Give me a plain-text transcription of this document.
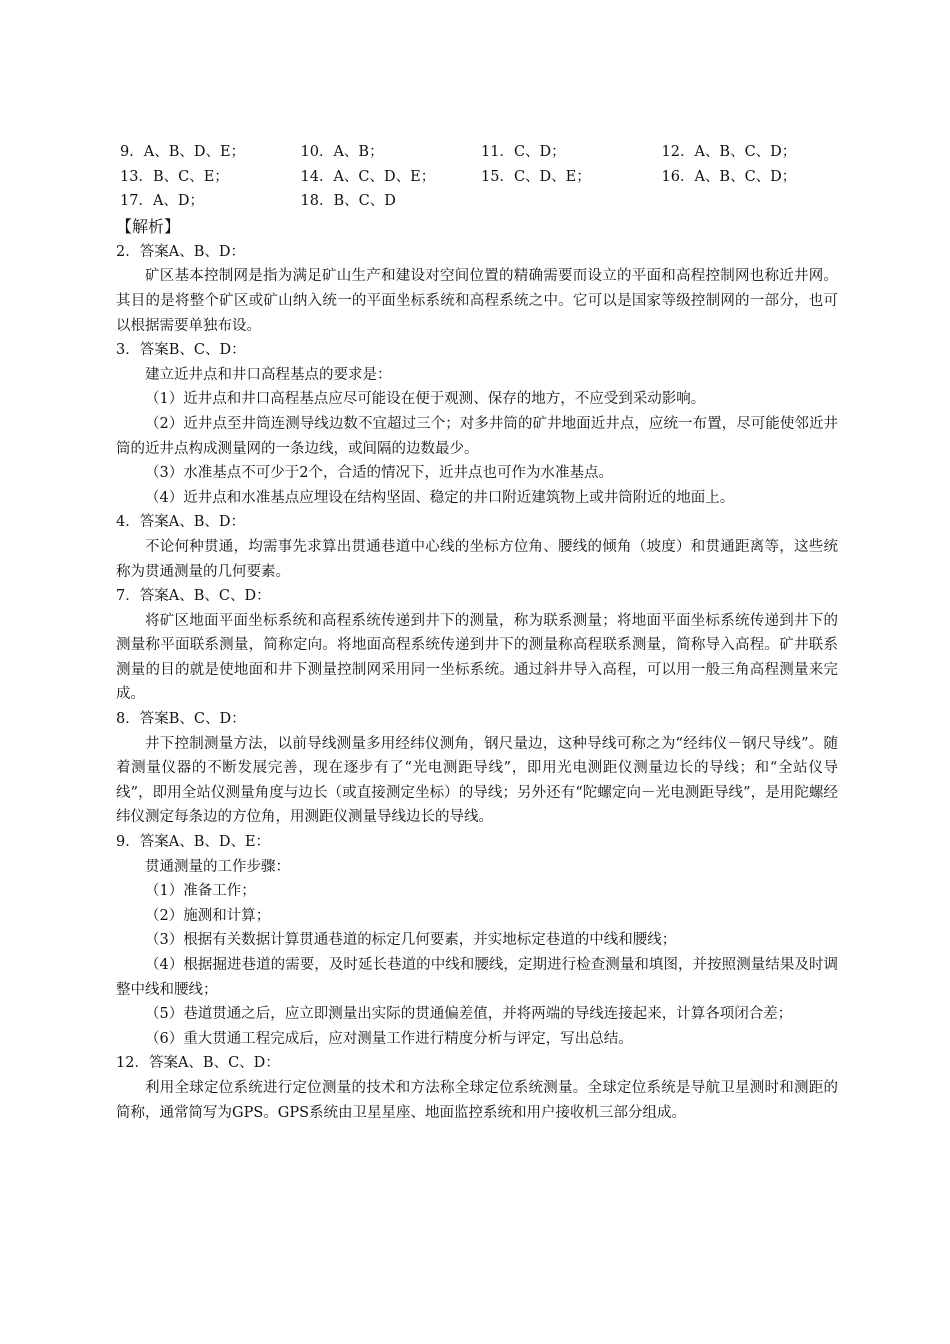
9．A、B、D、E；	10．A、B；	11．C、D；	12．A、B、C、D；
13．B、C、E；	14．A、C、D、E；	15．C、D、E；	16．A、B、C、D；
17．A、D；	18．B、C、D
【解析】
2．答案A、B、D：

矿区基本控制网是指为满足矿山生产和建设对空间位置的精确需要而设立的平面和高程控制网也称近井网。其目的是将整个矿区或矿山纳入统一的平面坐标系统和高程系统之中。它可以是国家等级控制网的一部分，也可以根据需要单独布设。

3．答案B、C、D：

建立近井点和井口高程基点的要求是：

（1）近井点和井口高程基点应尽可能设在便于观测、保存的地方，不应受到采动影响。

（2）近井点至井筒连测导线边数不宜超过三个；对多井筒的矿井地面近井点，应统一布置，尽可能使邻近井筒的近井点构成测量网的一条边线，或间隔的边数最少。

（3）水准基点不可少于2个，合适的情况下，近井点也可作为水准基点。

（4）近井点和水准基点应埋设在结构坚固、稳定的井口附近建筑物上或井筒附近的地面上。

4．答案A、B、D：

不论何种贯通，均需事先求算出贯通巷道中心线的坐标方位角、腰线的倾角（坡度）和贯通距离等，这些统称为贯通测量的几何要素。

7．答案A、B、C、D：

将矿区地面平面坐标系统和高程系统传递到井下的测量，称为联系测量；将地面平面坐标系统传递到井下的测量称平面联系测量，简称定向。将地面高程系统传递到井下的测量称高程联系测量，简称导入高程。矿井联系测量的目的就是使地面和井下测量控制网采用同一坐标系统。通过斜井导入高程，可以用一般三角高程测量来完成。

8．答案B、C、D：

井下控制测量方法，以前导线测量多用经纬仪测角，钢尺量边，这种导线可称之为“经纬仪－钢尺导线”。随着测量仪器的不断发展完善，现在逐步有了“光电测距导线”，即用光电测距仪测量边长的导线；和“全站仪导线”，即用全站仪测量角度与边长（或直接测定坐标）的导线；另外还有“陀螺定向－光电测距导线”，是用陀螺经纬仪测定每条边的方位角，用测距仪测量导线边长的导线。

9．答案A、B、D、E：

贯通测量的工作步骤：

（1）准备工作；

（2）施测和计算；

（3）根据有关数据计算贯通巷道的标定几何要素，并实地标定巷道的中线和腰线；

（4）根据掘进巷道的需要，及时延长巷道的中线和腰线，定期进行检查测量和填图，并按照测量结果及时调整中线和腰线；

（5）巷道贯通之后，应立即测量出实际的贯通偏差值，并将两端的导线连接起来，计算各项闭合差；

（6）重大贯通工程完成后，应对测量工作进行精度分析与评定，写出总结。

12．答案A、B、C、D：

利用全球定位系统进行定位测量的技术和方法称全球定位系统测量。全球定位系统是导航卫星测时和测距的简称，通常简写为GPS。GPS系统由卫星星座、地面监控系统和用户接收机三部分组成。
